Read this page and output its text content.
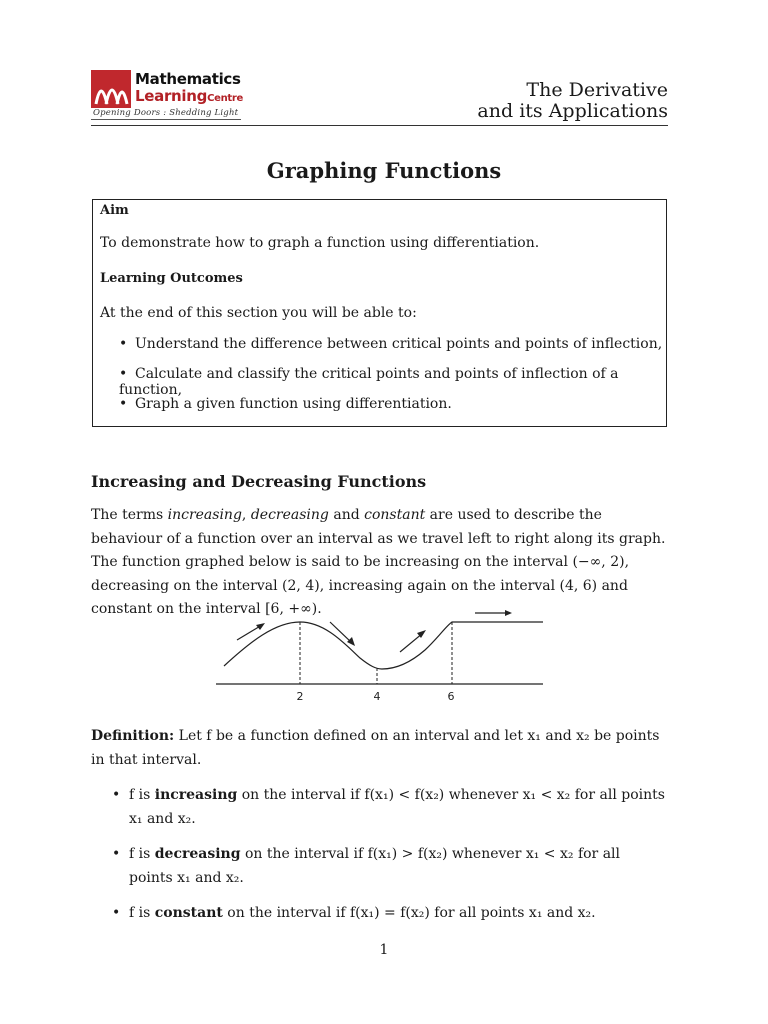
Mathematics
LearningCentre
Opening Doors : Shedding Light
The Derivative
and its Applications
Graphing Functions
Aim
To demonstrate how to graph a function using differentiation.
Learning Outcomes
At the end of this section you will be able to:
• Understand the difference between critical points and points of inflection,
• Calculate and classify the critical points and points of inflection of a function,
• Graph a given function using differentiation.
Increasing and Decreasing Functions
The terms increasing, decreasing and constant are used to describe the behaviour of a function over an interval as we travel left to right along its graph. The function graphed below is said to be increasing on the interval (−∞, 2), decreasing on the interval (2, 4), increasing again on the interval (4, 6) and constant on the interval [6, +∞).
2	4	6
Definition: Let f be a function defined on an interval and let x₁ and x₂ be points in that interval.
• f is increasing on the interval if f(x₁) < f(x₂) whenever x₁ < x₂ for all points x₁ and x₂.
• f is decreasing on the interval if f(x₁) > f(x₂) whenever x₁ < x₂ for all points x₁ and x₂.
• f is constant on the interval if f(x₁) = f(x₂) for all points x₁ and x₂.
1
